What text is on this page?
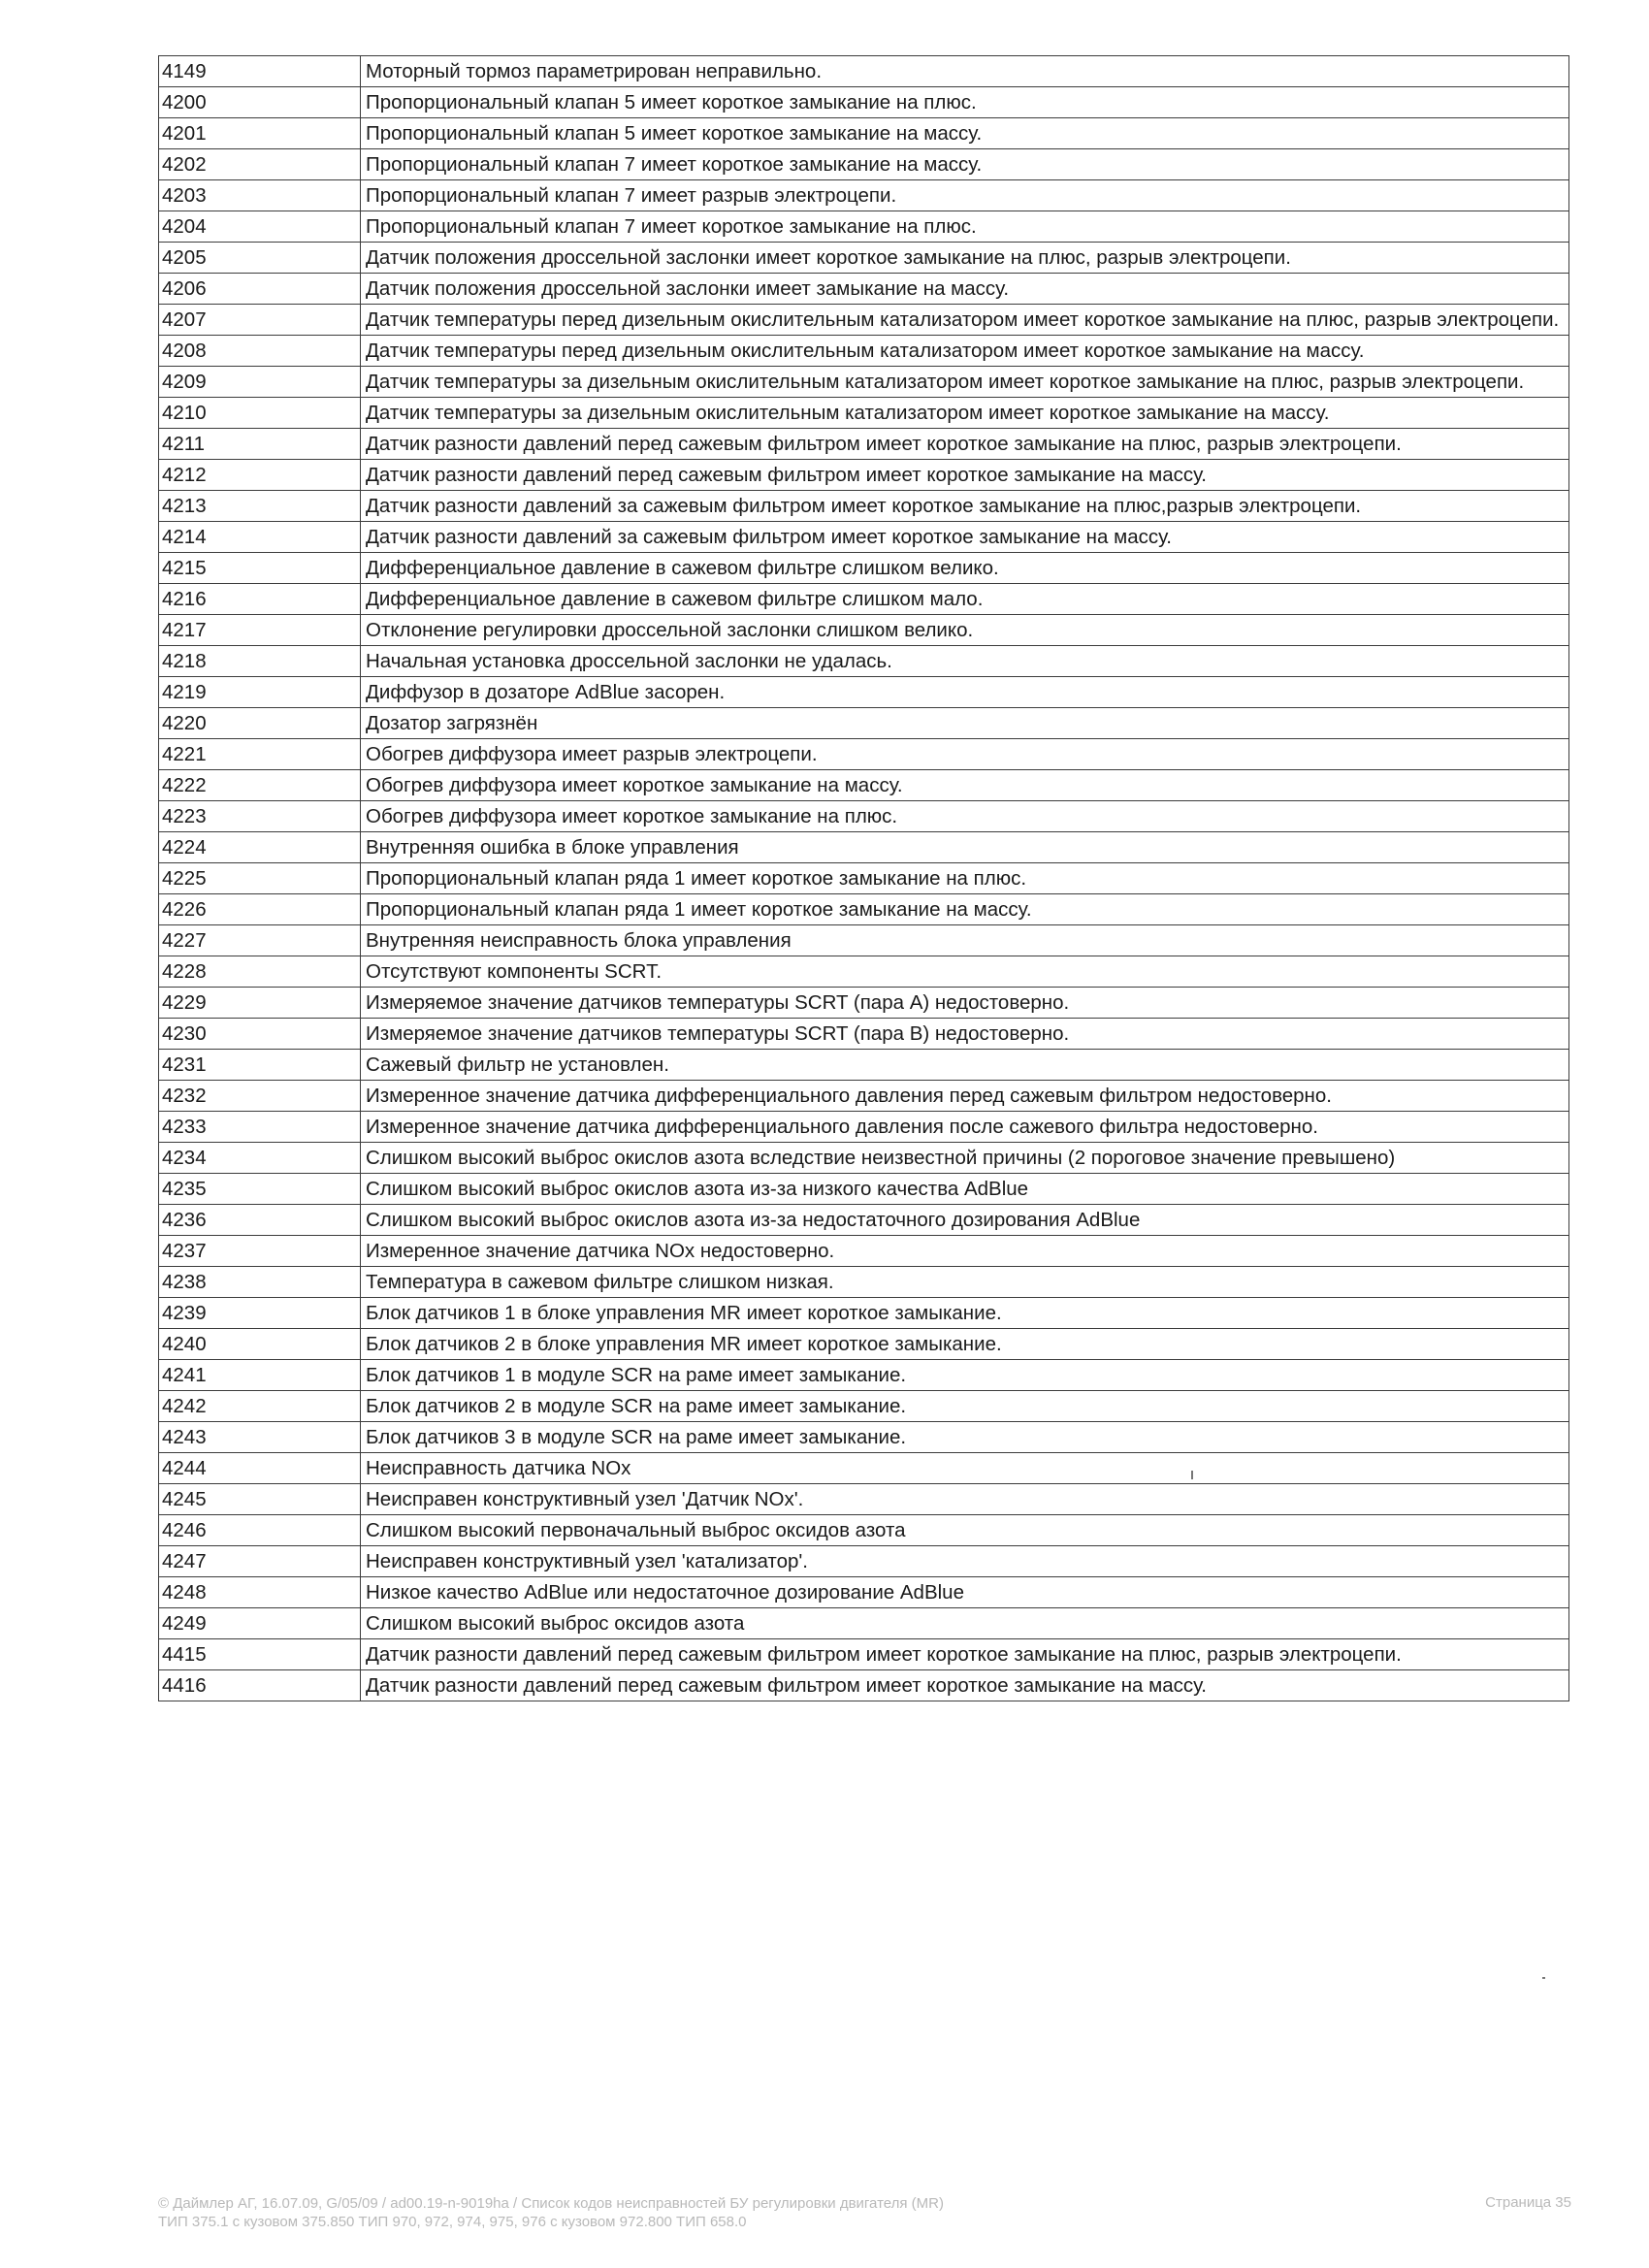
4149	Моторный тормоз параметрирован неправильно.
4200	Пропорциональный клапан 5 имеет короткое замыкание на плюс.
4201	Пропорциональный клапан 5 имеет короткое замыкание на массу.
4202	Пропорциональный клапан 7 имеет короткое замыкание на массу.
4203	Пропорциональный клапан 7 имеет разрыв электроцепи.
4204	Пропорциональный клапан 7 имеет короткое замыкание на плюс.
4205	Датчик положения дроссельной заслонки имеет короткое замыкание на плюс, разрыв электроцепи.
4206	Датчик положения дроссельной заслонки имеет замыкание на массу.
4207	Датчик температуры перед дизельным окислительным катализатором имеет короткое замыкание на плюс, разрыв электроцепи.
4208	Датчик температуры перед дизельным окислительным катализатором имеет короткое замыкание на массу.
4209	Датчик температуры за дизельным окислительным катализатором имеет короткое замыкание на плюс, разрыв электроцепи.
4210	Датчик температуры за дизельным окислительным катализатором имеет короткое замыкание на массу.
4211	Датчик разности давлений перед сажевым фильтром имеет короткое замыкание на плюс, разрыв электроцепи.
4212	Датчик разности давлений перед сажевым фильтром имеет короткое замыкание на массу.
4213	Датчик разности давлений за сажевым фильтром имеет короткое замыкание на плюс,разрыв электроцепи.
4214	Датчик разности давлений за сажевым фильтром имеет короткое замыкание на массу.
4215	Дифференциальное давление в сажевом фильтре слишком велико.
4216	Дифференциальное давление в сажевом фильтре слишком мало.
4217	Отклонение регулировки дроссельной заслонки слишком велико.
4218	Начальная установка дроссельной заслонки не удалась.
4219	Диффузор в дозаторе AdBlue засорен.
4220	Дозатор загрязнён
4221	Обогрев диффузора имеет разрыв электроцепи.
4222	Обогрев диффузора имеет короткое замыкание на массу.
4223	Обогрев диффузора имеет короткое замыкание на плюс.
4224	Внутренняя ошибка в блоке управления
4225	Пропорциональный клапан ряда 1 имеет короткое замыкание на плюс.
4226	Пропорциональный клапан ряда 1 имеет короткое замыкание на массу.
4227	Внутренняя неисправность блока управления
4228	Отсутствуют компоненты SCRT.
4229	Измеряемое значение датчиков температуры SCRT (пара А) недостоверно.
4230	Измеряемое значение датчиков температуры SCRT (пара В) недостоверно.
4231	Сажевый фильтр не установлен.
4232	Измеренное значение датчика дифференциального давления перед сажевым фильтром недостоверно.
4233	Измеренное значение датчика дифференциального давления после сажевого фильтра недостоверно.
4234	Слишком высокий выброс окислов азота вследствие неизвестной причины (2 пороговое значение превышено)
4235	Слишком высокий выброс окислов азота из-за низкого качества AdBlue
4236	Слишком высокий выброс окислов азота из-за недостаточного дозирования AdBlue
4237	Измеренное значение датчика NOx недостоверно.
4238	Температура в сажевом фильтре слишком низкая.
4239	Блок датчиков 1 в блоке управления MR имеет короткое замыкание.
4240	Блок датчиков 2 в блоке управления MR имеет короткое замыкание.
4241	Блок датчиков 1 в модуле SCR на раме имеет замыкание.
4242	Блок датчиков 2 в модуле SCR на раме имеет замыкание.
4243	Блок датчиков 3 в модуле SCR на раме имеет замыкание.
4244	Неисправность датчика NOx
4245	Неисправен конструктивный узел 'Датчик NOx'.
4246	Слишком высокий первоначальный выброс оксидов азота
4247	Неисправен конструктивный узел 'катализатор'.
4248	Низкое качество AdBlue или недостаточное дозирование AdBlue
4249	Слишком высокий выброс оксидов азота
4415	Датчик разности давлений перед сажевым фильтром имеет короткое замыкание на плюс, разрыв электроцепи.
4416	Датчик разности давлений перед сажевым фильтром имеет короткое замыкание на массу.
© Даймлер АГ, 16.07.09, G/05/09 / ad00.19-n-9019ha / Список кодов неисправностей БУ регулировки двигателя (MR)
ТИП 375.1 с кузовом 375.850 ТИП 970, 972, 974, 975, 976 с кузовом 972.800 ТИП 658.0
Страница 35
